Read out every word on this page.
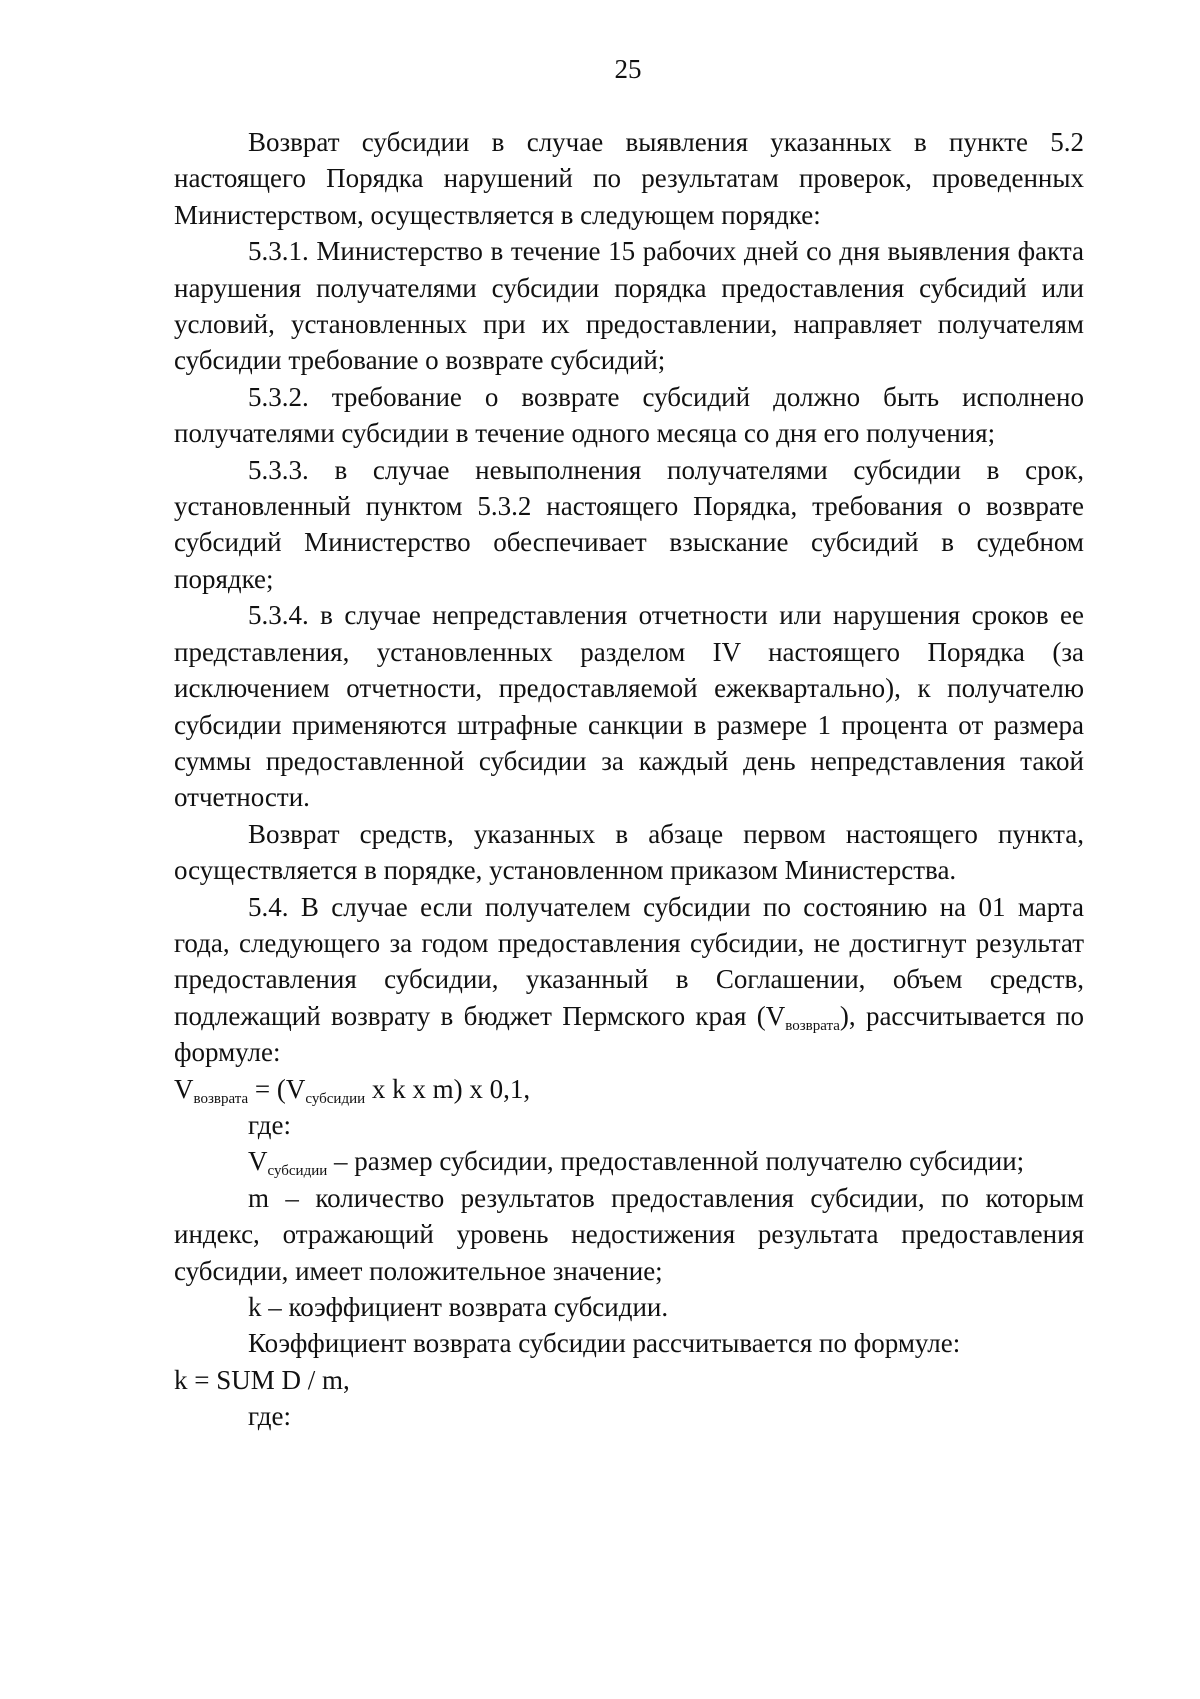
25

Возврат субсидии в случае выявления указанных в пункте 5.2 настоящего Порядка нарушений по результатам проверок, проведенных Министерством, осуществляется в следующем порядке:

5.3.1. Министерство в течение 15 рабочих дней со дня выявления факта нарушения получателями субсидии порядка предоставления субсидий или условий, установленных при их предоставлении, направляет получателям субсидии требование о возврате субсидий;

5.3.2. требование о возврате субсидий должно быть исполнено получателями субсидии в течение одного месяца со дня его получения;

5.3.3. в случае невыполнения получателями субсидии в срок, установленный пунктом 5.3.2 настоящего Порядка, требования о возврате субсидий Министерство обеспечивает взыскание субсидий в судебном порядке;

5.3.4. в случае непредставления отчетности или нарушения сроков ее представления, установленных разделом IV настоящего Порядка (за исключением отчетности, предоставляемой ежеквартально), к получателю субсидии применяются штрафные санкции в размере 1 процента от размера суммы предоставленной субсидии за каждый день непредставления такой отчетности.

Возврат средств, указанных в абзаце первом настоящего пункта, осуществляется в порядке, установленном приказом Министерства.

5.4. В случае если получателем субсидии по состоянию на 01 марта года, следующего за годом предоставления субсидии, не достигнут результат предоставления субсидии, указанный в Соглашении, объем средств, подлежащий возврату в бюджет Пермского края $(V_{возврата})$, рассчитывается по формуле:

$V_{возврата} = (V_{субсидии}$ x k x m) x 0,1,

где:

$V_{субсидии}$ – размер субсидии, предоставленной получателю субсидии;

m – количество результатов предоставления субсидии, по которым индекс, отражающий уровень недостижения результата предоставления субсидии, имеет положительное значение;

k – коэффициент возврата субсидии.

Коэффициент возврата субсидии рассчитывается по формуле:

k = SUM D / m,

где:
